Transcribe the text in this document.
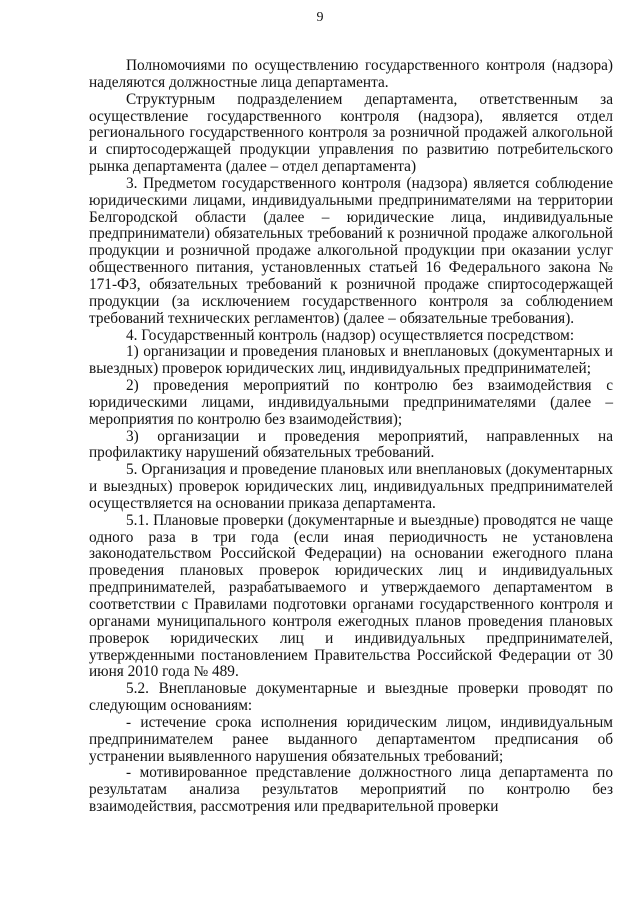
9

Полномочиями по осуществлению государственного контроля (надзора) наделяются должностные лица департамента.

Структурным подразделением департамента, ответственным за осуществление государственного контроля (надзора), является отдел регионального государственного контроля за розничной продажей алкогольной и спиртосодержащей продукции управления по развитию потребительского рынка департамента (далее – отдел департамента)

3. Предметом государственного контроля (надзора) является соблюдение юридическими лицами, индивидуальными предпринимателями на территории Белгородской области (далее – юридические лица, индивидуальные предприниматели) обязательных требований к розничной продаже алкогольной продукции и розничной продаже алкогольной продукции при оказании услуг общественного питания, установленных статьей 16 Федерального закона № 171-ФЗ, обязательных требований к розничной продаже спиртосодержащей продукции (за исключением государственного контроля за соблюдением требований технических регламентов) (далее – обязательные требования).

4. Государственный контроль (надзор) осуществляется посредством:

1) организации и проведения плановых и внеплановых (документарных и выездных) проверок юридических лиц, индивидуальных предпринимателей;

2) проведения мероприятий по контролю без взаимодействия с юридическими лицами, индивидуальными предпринимателями (далее – мероприятия по контролю без взаимодействия);

3) организации и проведения мероприятий, направленных на профилактику нарушений обязательных требований.

5. Организация и проведение плановых или внеплановых (документарных и выездных) проверок юридических лиц, индивидуальных предпринимателей осуществляется на основании приказа департамента.

5.1. Плановые проверки (документарные и выездные) проводятся не чаще одного раза в три года (если иная периодичность не установлена законодательством Российской Федерации) на основании ежегодного плана проведения плановых проверок юридических лиц и индивидуальных предпринимателей, разрабатываемого и утверждаемого департаментом в соответствии с Правилами подготовки органами государственного контроля и органами муниципального контроля ежегодных планов проведения плановых проверок юридических лиц и индивидуальных предпринимателей, утвержденными постановлением Правительства Российской Федерации от 30 июня 2010 года № 489.

5.2. Внеплановые документарные и выездные проверки проводят по следующим основаниям:

- истечение срока исполнения юридическим лицом, индивидуальным предпринимателем ранее выданного департаментом предписания об устранении выявленного нарушения обязательных требований;

- мотивированное представление должностного лица департамента по результатам анализа результатов мероприятий по контролю без взаимодействия, рассмотрения или предварительной проверки
